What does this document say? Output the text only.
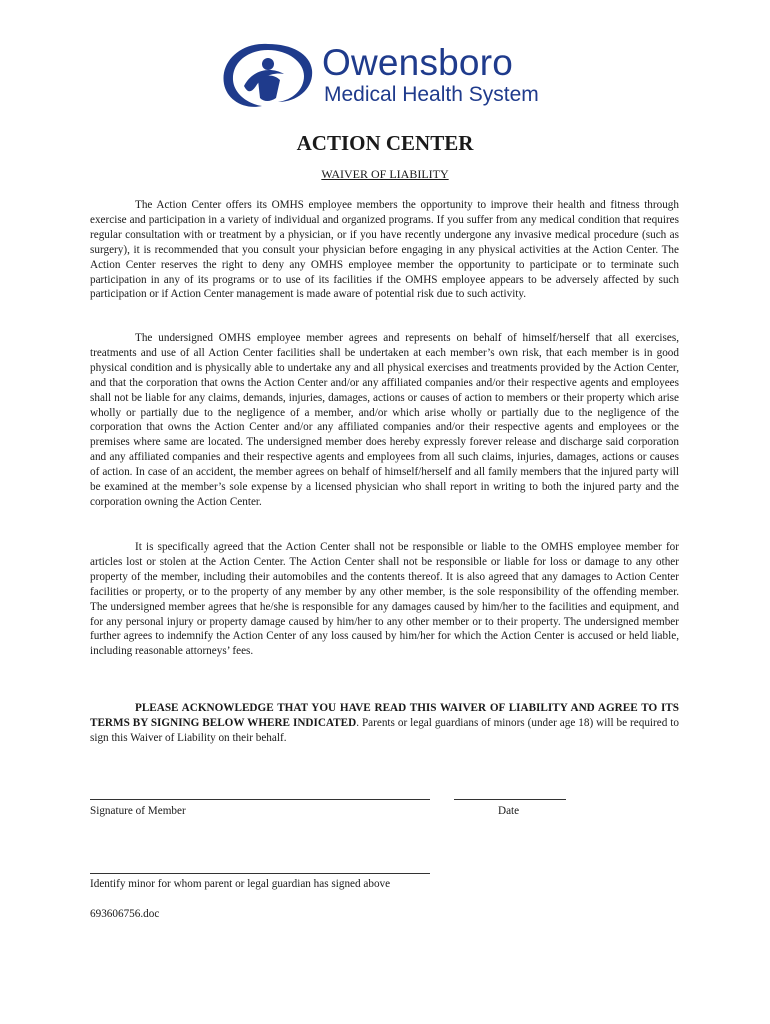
Owensboro
Medical Health System
ACTION CENTER
WAIVER OF LIABILITY

The Action Center offers its OMHS employee members the opportunity to improve their health and fitness through exercise and participation in a variety of individual and organized programs. If you suffer from any medical condition that requires regular consultation with or treatment by a physician, or if you have recently undergone any invasive medical procedure (such as surgery), it is recommended that you consult your physician before engaging in any physical activities at the Action Center. The Action Center reserves the right to deny any OMHS employee member the opportunity to participate or to terminate such participation in any of its programs or to use of its facilities if the OMHS employee appears to be adversely affected by such participation or if Action Center management is made aware of potential risk due to such activity.

The undersigned OMHS employee member agrees and represents on behalf of himself/herself that all exercises, treatments and use of all Action Center facilities shall be undertaken at each member’s own risk, that each member is in good physical condition and is physically able to undertake any and all physical exercises and treatments provided by the Action Center, and that the corporation that owns the Action Center and/or any affiliated companies and/or their respective agents and employees shall not be liable for any claims, demands, injuries, damages, actions or causes of action to members or their property which arise wholly or partially due to the negligence of a member, and/or which arise wholly or partially due to the negligence of the corporation that owns the Action Center and/or any affiliated companies and/or their respective agents and employees or the premises where same are located. The undersigned member does hereby expressly forever release and discharge said corporation and any affiliated companies and their respective agents and employees from all such claims, injuries, damages, actions or causes of action. In case of an accident, the member agrees on behalf of himself/herself and all family members that the injured party will be examined at the member’s sole expense by a licensed physician who shall report in writing to both the injured party and the corporation owning the Action Center.

It is specifically agreed that the Action Center shall not be responsible or liable to the OMHS employee member for articles lost or stolen at the Action Center. The Action Center shall not be responsible or liable for loss or damage to any other property of the member, including their automobiles and the contents thereof. It is also agreed that any damages to Action Center facilities or property, or to the property of any member by any other member, is the sole responsibility of the offending member. The undersigned member agrees that he/she is responsible for any damages caused by him/her to the facilities and equipment, and for any personal injury or property damage caused by him/her to any other member or to their property. The undersigned member further agrees to indemnify the Action Center of any loss caused by him/her for which the Action Center is accused or held liable, including reasonable attorneys’ fees.

PLEASE ACKNOWLEDGE THAT YOU HAVE READ THIS WAIVER OF LIABILITY AND AGREE TO ITS TERMS BY SIGNING BELOW WHERE INDICATED. Parents or legal guardians of minors (under age 18) will be required to sign this Waiver of Liability on their behalf.

Signature of Member	Date
Identify minor for whom parent or legal guardian has signed above
693606756.doc
